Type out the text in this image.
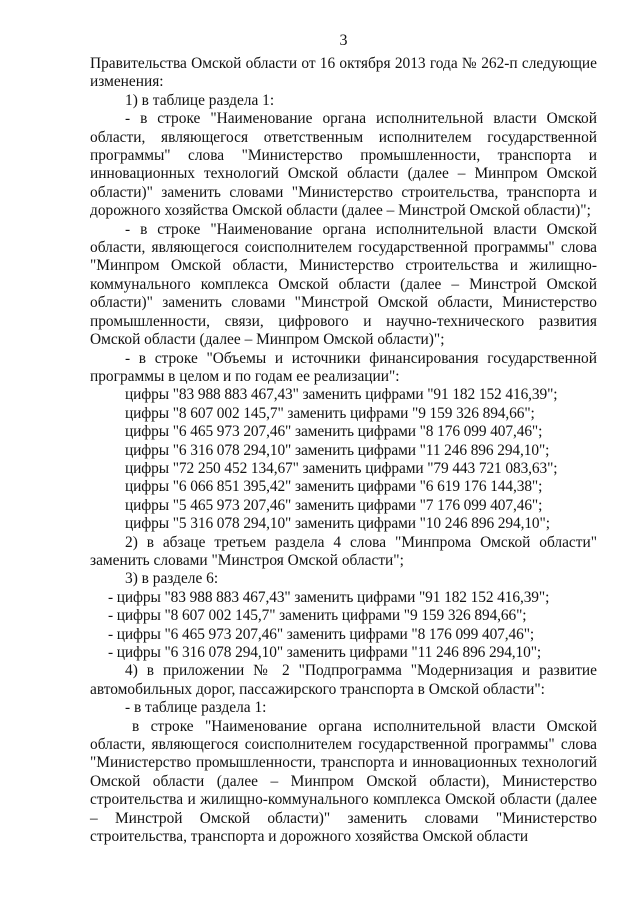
3

Правительства Омской области от 16 октября 2013 года № 262-п следующие изменения:

1) в таблице раздела 1:

- в строке "Наименование органа исполнительной власти Омской области, являющегося ответственным исполнителем государственной программы" слова "Министерство промышленности, транспорта и инновационных технологий Омской области (далее – Минпром Омской области)" заменить словами "Министерство строительства, транспорта и дорожного хозяйства Омской области (далее – Минстрой Омской области)";

- в строке "Наименование органа исполнительной власти Омской области, являющегося соисполнителем государственной программы" слова "Минпром Омской области, Министерство строительства и жилищно-коммунального комплекса Омской области (далее – Минстрой Омской области)" заменить словами "Минстрой Омской области, Министерство промышленности, связи, цифрового и научно-технического развития Омской области (далее – Минпром Омской области)";

- в строке "Объемы и источники финансирования государственной программы в целом и по годам ее реализации":

цифры "83 988 883 467,43" заменить цифрами "91 182 152 416,39";

цифры "8 607 002 145,7" заменить цифрами "9 159 326 894,66";

цифры "6 465 973 207,46" заменить цифрами "8 176 099 407,46";

цифры "6 316 078 294,10" заменить цифрами "11 246 896 294,10";

цифры "72 250 452 134,67" заменить цифрами "79 443 721 083,63";

цифры "6 066 851 395,42" заменить цифрами "6 619 176 144,38";

цифры "5 465 973 207,46" заменить цифрами "7 176 099 407,46";

цифры "5 316 078 294,10" заменить цифрами "10 246 896 294,10";

2) в абзаце третьем раздела 4 слова "Минпрома Омской области" заменить словами "Минстроя Омской области";

3) в разделе 6:

- цифры "83 988 883 467,43" заменить цифрами "91 182 152 416,39";

- цифры "8 607 002 145,7" заменить цифрами "9 159 326 894,66";

- цифры "6 465 973 207,46" заменить цифрами "8 176 099 407,46";

- цифры "6 316 078 294,10" заменить цифрами "11 246 896 294,10";

4) в приложении № 2 "Подпрограмма "Модернизация и развитие автомобильных дорог, пассажирского транспорта в Омской области":

- в таблице раздела 1:

в строке "Наименование органа исполнительной власти Омской области, являющегося соисполнителем государственной программы" слова "Министерство промышленности, транспорта и инновационных технологий Омской области (далее – Минпром Омской области), Министерство строительства и жилищно-коммунального комплекса Омской области (далее – Минстрой Омской области)" заменить словами "Министерство строительства, транспорта и дорожного хозяйства Омской области
